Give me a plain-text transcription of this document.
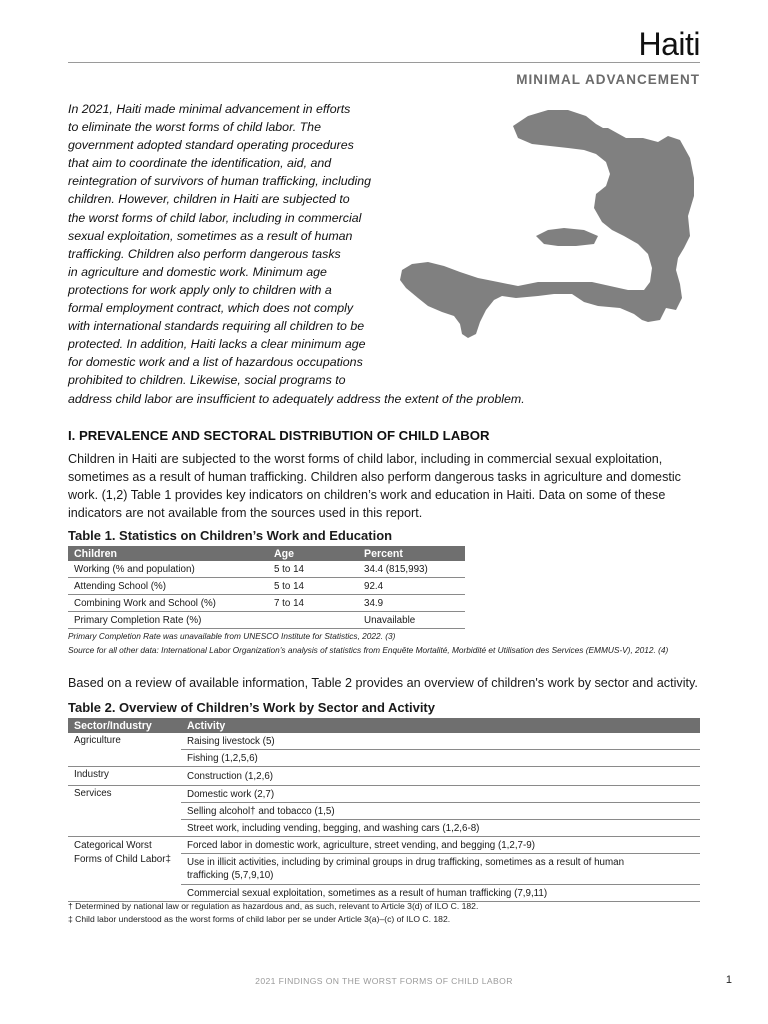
Haiti
MINIMAL ADVANCEMENT
In 2021, Haiti made minimal advancement in efforts
to eliminate the worst forms of child labor. The
government adopted standard operating procedures
that aim to coordinate the identification, aid, and
reintegration of survivors of human trafficking, including
children. However, children in Haiti are subjected to
the worst forms of child labor, including in commercial
sexual exploitation, sometimes as a result of human
trafficking. Children also perform dangerous tasks
in agriculture and domestic work. Minimum age
protections for work apply only to children with a
formal employment contract, which does not comply
with international standards requiring all children to be
protected. In addition, Haiti lacks a clear minimum age
for domestic work and a list of hazardous occupations
prohibited to children. Likewise, social programs to
address child labor are insufficient to adequately address the extent of the problem.
I. PREVALENCE AND SECTORAL DISTRIBUTION OF CHILD LABOR
Children in Haiti are subjected to the worst forms of child labor, including in commercial sexual exploitation,
sometimes as a result of human trafficking. Children also perform dangerous tasks in agriculture and domestic
work. (1,2) Table 1 provides key indicators on children’s work and education in Haiti. Data on some of these
indicators are not available from the sources used in this report.
Table 1. Statistics on Children’s Work and Education
Children	Age	Percent
Working (% and population)	5 to 14	34.4 (815,993)
Attending School (%)	5 to 14	92.4
Combining Work and School (%)	7 to 14	34.9
Primary Completion Rate (%)		Unavailable
Primary Completion Rate was unavailable from UNESCO Institute for Statistics, 2022. (3)
Source for all other data: International Labor Organization’s analysis of statistics from Enquête Mortalité, Morbidité et Utilisation des Services (EMMUS-V), 2012. (4)
Based on a review of available information, Table 2 provides an overview of children's work by sector and activity.
Table 2. Overview of Children’s Work by Sector and Activity
Sector/Industry	Activity
Agriculture	Raising livestock (5)
	Fishing (1,2,5,6)
Industry	Construction (1,2,6)
Services	Domestic work (2,7)
	Selling alcohol† and tobacco (1,5)
	Street work, including vending, begging, and washing cars (1,2,6-8)
Categorical Worst Forms of Child Labor‡	Forced labor in domestic work, agriculture, street vending, and begging (1,2,7-9)
	Use in illicit activities, including by criminal groups in drug trafficking, sometimes as a result of human trafficking (5,7,9,10)
	Commercial sexual exploitation, sometimes as a result of human trafficking (7,9,11)
† Determined by national law or regulation as hazardous and, as such, relevant to Article 3(d) of ILO C. 182.
‡ Child labor understood as the worst forms of child labor per se under Article 3(a)–(c) of ILO C. 182.
2021 FINDINGS ON THE WORST FORMS OF CHILD LABOR	1
